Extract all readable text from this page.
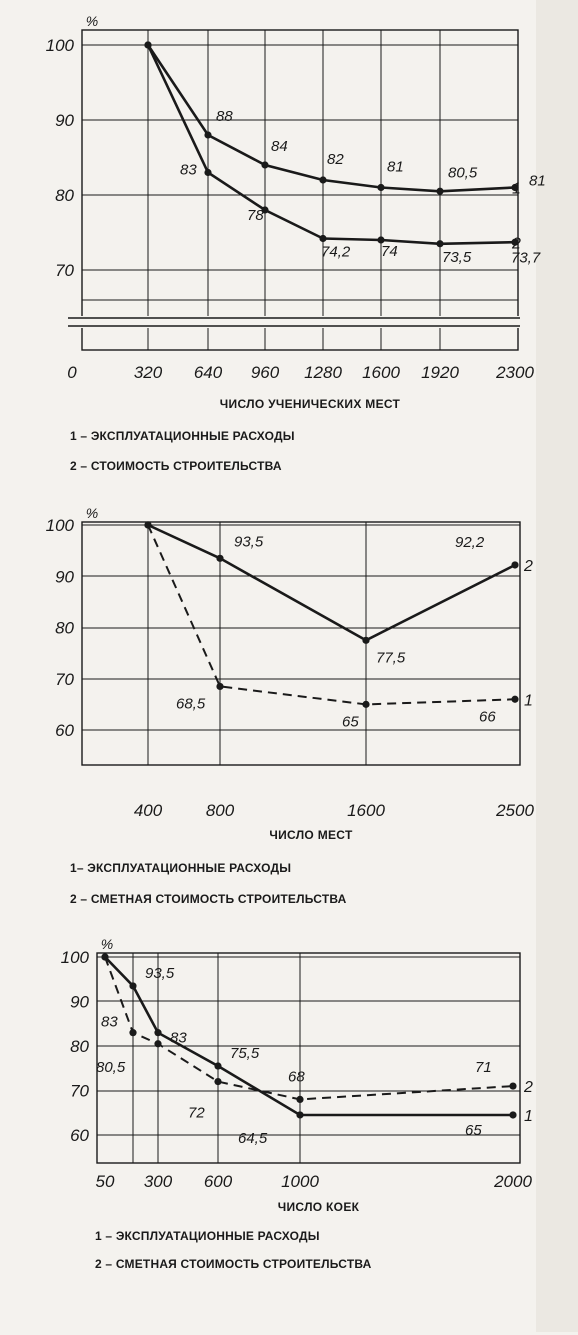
%
100
90
80
70
0	320 640 960 1280 1600 1920 2300
ЧИСЛО УЧЕНИЧЕСКИХ МЕСТ
1 – ЭКСПЛУАТАЦИОННЫЕ РАСХОДЫ
2 – СТОИМОСТЬ СТРОИТЕЛЬСТВА
88
84
82	81	80,5	81
1
83
78
74,2 74	73,5	73,7
2
%
100
90
80
70
60
400	800	1600	2500
ЧИСЛО МЕСТ
1– ЭКСПЛУАТАЦИОННЫЕ РАСХОДЫ
2 – СМЕТНАЯ СТОИМОСТЬ СТРОИТЕЛЬСТВА
93,5
77,5
92,2
2
68,5
65	66
1
%
100
90
80
70
60
50 300 600	1000	2000
ЧИСЛО КОЕК
1 – ЭКСПЛУАТАЦИОННЫЕ РАСХОДЫ
2 – СМЕТНАЯ СТОИМОСТЬ СТРОИТЕЛЬСТВА
93,5
83
75,5
64,5	65
1
83
80,5
72
68
71
2
